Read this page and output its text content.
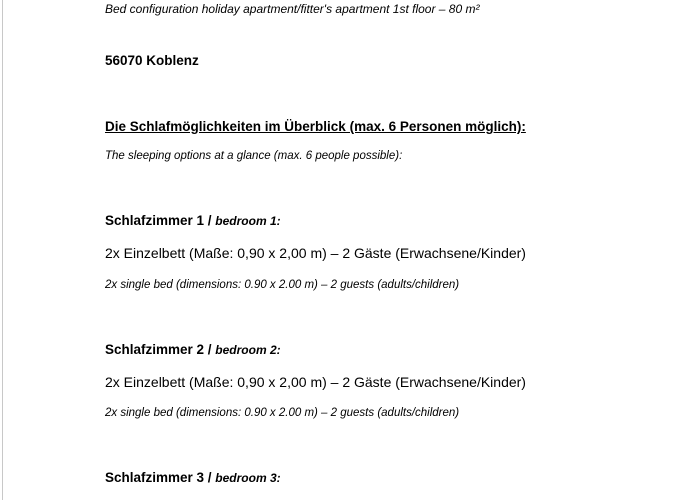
Bed configuration holiday apartment/fitter's apartment 1st floor – 80 m²
56070 Koblenz
Die Schlafmöglichkeiten im Überblick (max. 6 Personen möglich):
The sleeping options at a glance (max. 6 people possible):
Schlafzimmer 1 / bedroom 1:
2x Einzelbett (Maße: 0,90 x 2,00 m) – 2 Gäste (Erwachsene/Kinder)
2x single bed (dimensions: 0.90 x 2.00 m) – 2 guests (adults/children)
Schlafzimmer 2 / bedroom 2:
2x Einzelbett (Maße: 0,90 x 2,00 m) – 2 Gäste (Erwachsene/Kinder)
2x single bed (dimensions: 0.90 x 2.00 m) – 2 guests (adults/children)
Schlafzimmer 3 / bedroom 3:
